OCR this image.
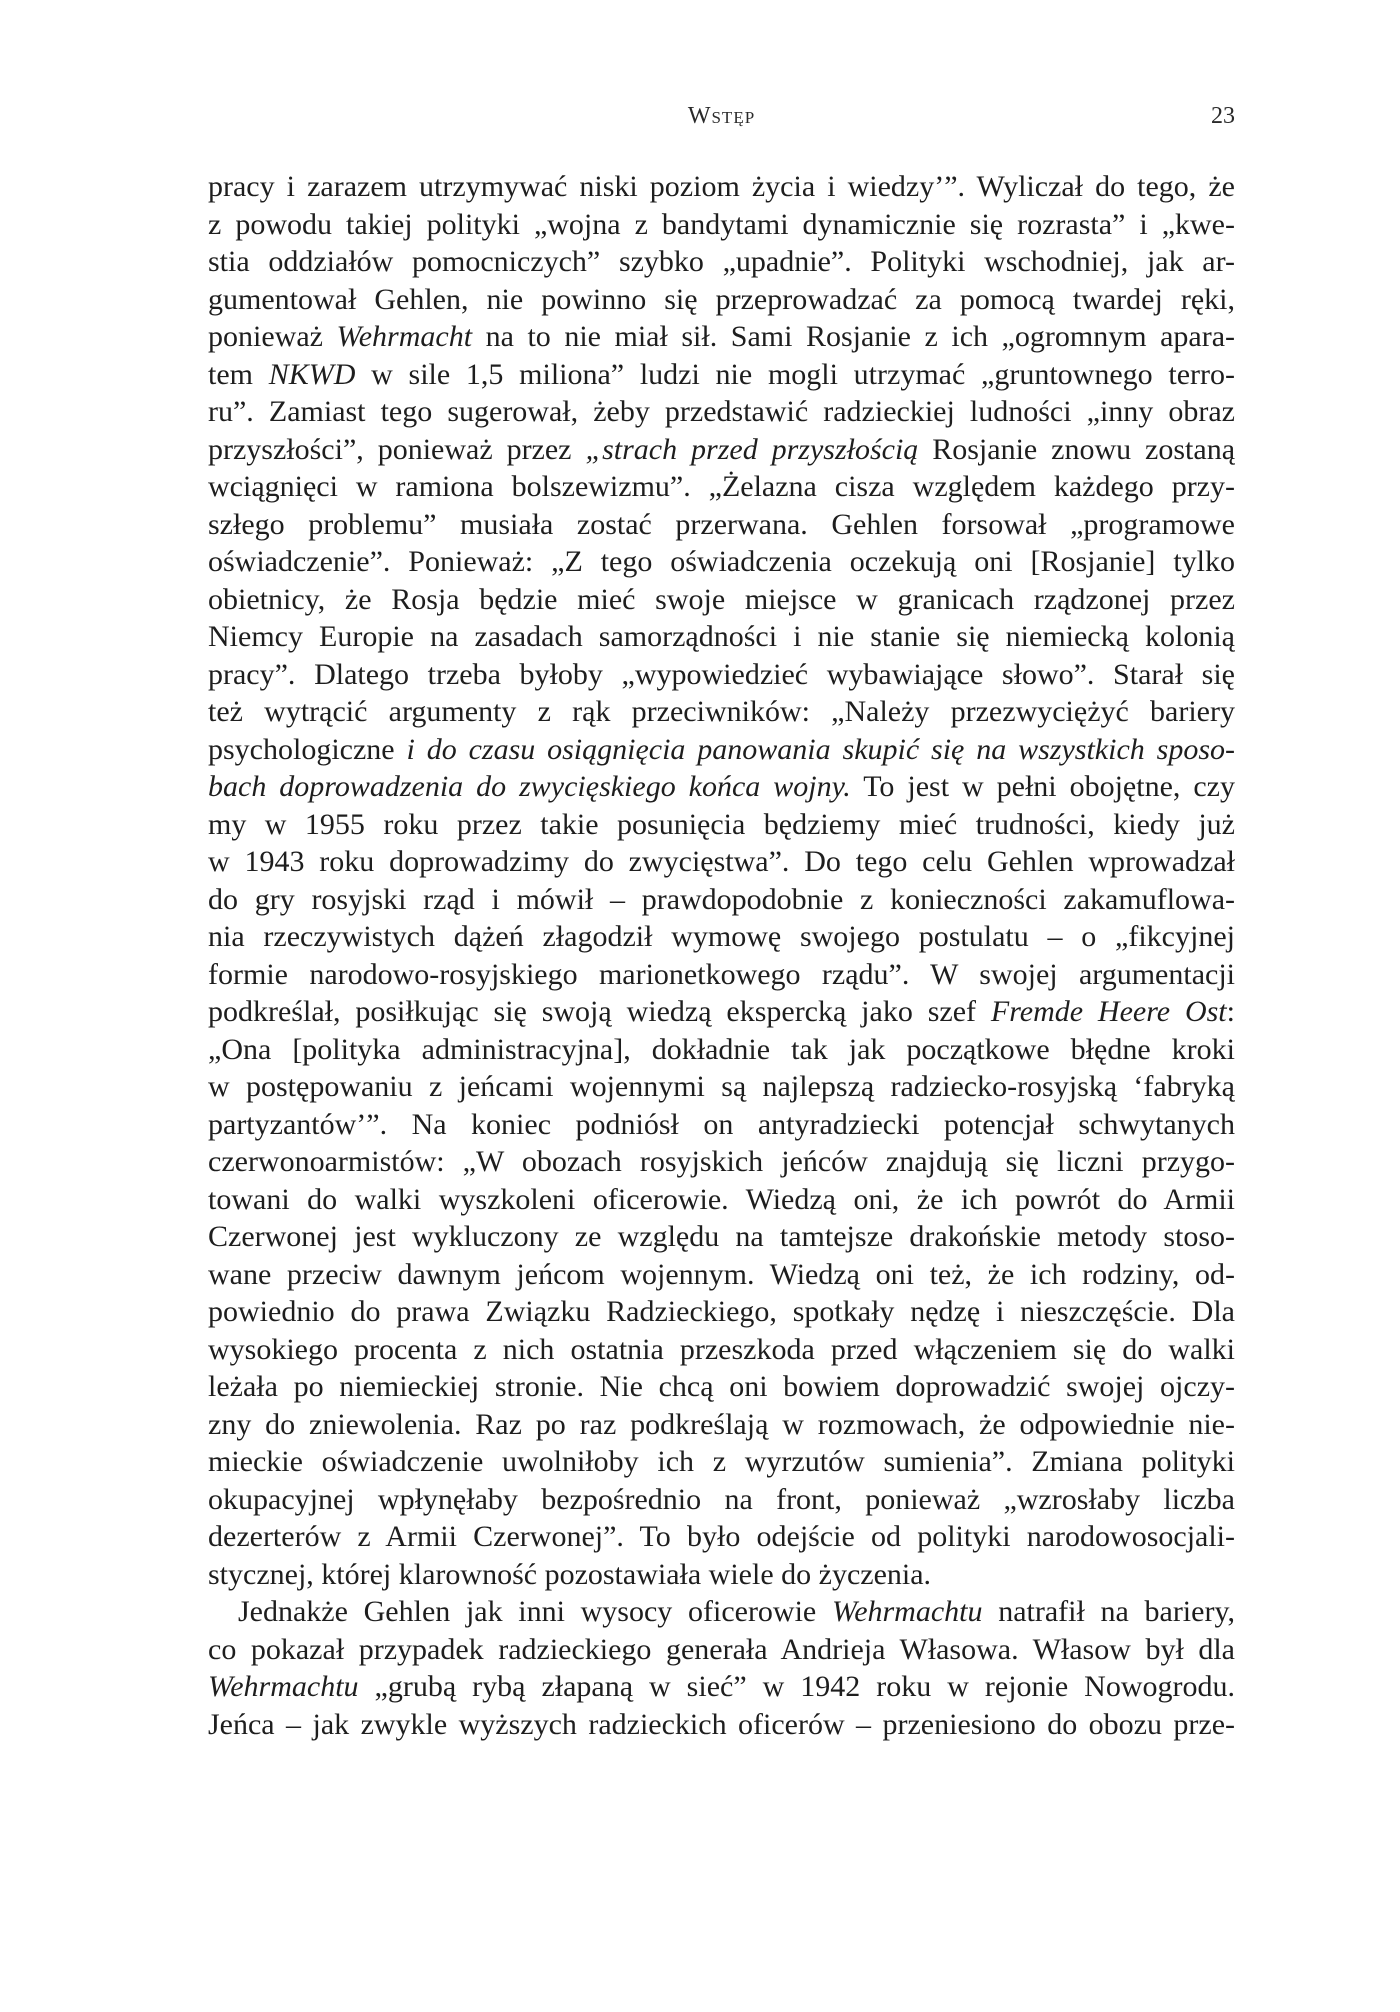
Wstęp	23
pracy i zarazem utrzymywać niski poziom życia i wiedzy’”. Wyliczał do tego, że
z powodu takiej polityki „wojna z bandytami dynamicznie się rozrasta” i „kwe-
stia oddziałów pomocniczych” szybko „upadnie”. Polityki wschodniej, jak ar-
gumentował Gehlen, nie powinno się przeprowadzać za pomocą twardej ręki,
ponieważ Wehrmacht na to nie miał sił. Sami Rosjanie z ich „ogromnym apara-
tem NKWD w sile 1,5 miliona” ludzi nie mogli utrzymać „gruntownego terro-
ru”. Zamiast tego sugerował, żeby przedstawić radzieckiej ludności „inny obraz
przyszłości”, ponieważ przez „strach przed przyszłością Rosjanie znowu zostaną
wciągnięci w ramiona bolszewizmu”. „Żelazna cisza względem każdego przy-
szłego problemu” musiała zostać przerwana. Gehlen forsował „programowe
oświadczenie”. Ponieważ: „Z tego oświadczenia oczekują oni [Rosjanie] tylko
obietnicy, że Rosja będzie mieć swoje miejsce w granicach rządzonej przez
Niemcy Europie na zasadach samorządności i nie stanie się niemiecką kolonią
pracy”. Dlatego trzeba byłoby „wypowiedzieć wybawiające słowo”. Starał się
też wytrącić argumenty z rąk przeciwników: „Należy przezwyciężyć bariery
psychologiczne i do czasu osiągnięcia panowania skupić się na wszystkich sposo-
bach doprowadzenia do zwycięskiego końca wojny. To jest w pełni obojętne, czy
my w 1955 roku przez takie posunięcia będziemy mieć trudności, kiedy już
w 1943 roku doprowadzimy do zwycięstwa”. Do tego celu Gehlen wprowadzał
do gry rosyjski rząd i mówił – prawdopodobnie z konieczności zakamuflowa-
nia rzeczywistych dążeń złagodził wymowę swojego postulatu – o „fikcyjnej
formie narodowo-rosyjskiego marionetkowego rządu”. W swojej argumentacji
podkreślał, posiłkując się swoją wiedzą ekspercką jako szef Fremde Heere Ost:
„Ona [polityka administracyjna], dokładnie tak jak początkowe błędne kroki
w postępowaniu z jeńcami wojennymi są najlepszą radziecko-rosyjską ‘fabryką
partyzantów’”. Na koniec podniósł on antyradziecki potencjał schwytanych
czerwonoarmistów: „W obozach rosyjskich jeńców znajdują się liczni przygo-
towani do walki wyszkoleni oficerowie. Wiedzą oni, że ich powrót do Armii
Czerwonej jest wykluczony ze względu na tamtejsze drakońskie metody stoso-
wane przeciw dawnym jeńcom wojennym. Wiedzą oni też, że ich rodziny, od-
powiednio do prawa Związku Radzieckiego, spotkały nędzę i nieszczęście. Dla
wysokiego procenta z nich ostatnia przeszkoda przed włączeniem się do walki
leżała po niemieckiej stronie. Nie chcą oni bowiem doprowadzić swojej ojczy-
zny do zniewolenia. Raz po raz podkreślają w rozmowach, że odpowiednie nie-
mieckie oświadczenie uwolniłoby ich z wyrzutów sumienia”. Zmiana polityki
okupacyjnej wpłynęłaby bezpośrednio na front, ponieważ „wzrosłaby liczba
dezerterów z Armii Czerwonej”. To było odejście od polityki narodowosocjali-
stycznej, której klarowność pozostawiała wiele do życzenia.
Jednakże Gehlen jak inni wysocy oficerowie Wehrmachtu natrafił na bariery,
co pokazał przypadek radzieckiego generała Andrieja Własowa. Własow był dla
Wehrmachtu „grubą rybą złapaną w sieć” w 1942 roku w rejonie Nowogrodu.
Jeńca – jak zwykle wyższych radzieckich oficerów – przeniesiono do obozu prze-
